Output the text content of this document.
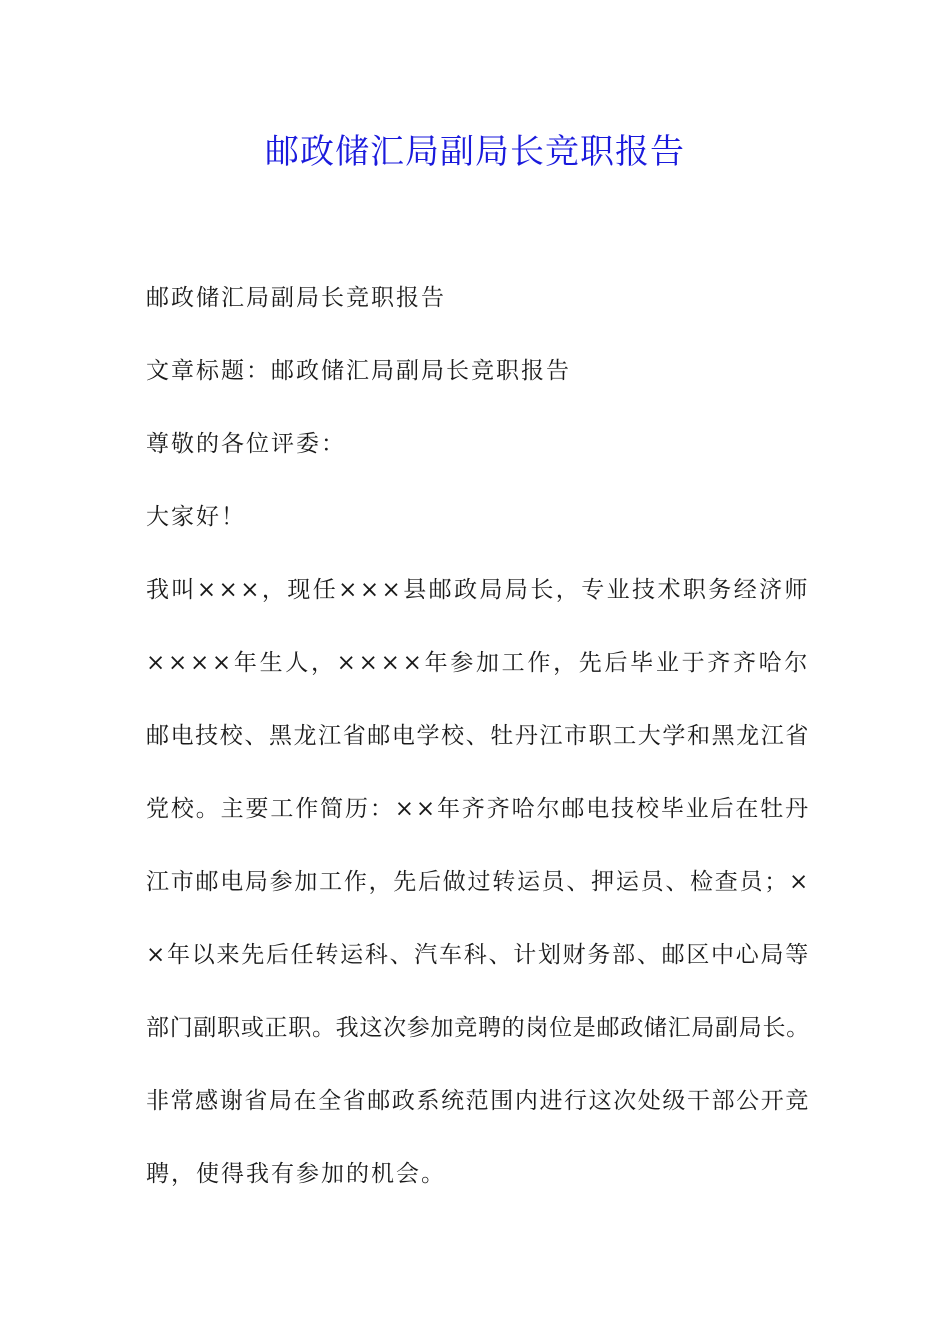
邮政储汇局副局长竞职报告

邮政储汇局副局长竞职报告

文章标题：邮政储汇局副局长竞职报告

尊敬的各位评委：

大家好！

我叫×××，现任×××县邮政局局长，专业技术职务经济师

××××年生人，××××年参加工作，先后毕业于齐齐哈尔

邮电技校、黑龙江省邮电学校、牡丹江市职工大学和黑龙江省

党校。主要工作简历：××年齐齐哈尔邮电技校毕业后在牡丹

江市邮电局参加工作，先后做过转运员、押运员、检查员；×

×年以来先后任转运科、汽车科、计划财务部、邮区中心局等

部门副职或正职。我这次参加竞聘的岗位是邮政储汇局副局长。

非常感谢省局在全省邮政系统范围内进行这次处级干部公开竞

聘，使得我有参加的机会。
